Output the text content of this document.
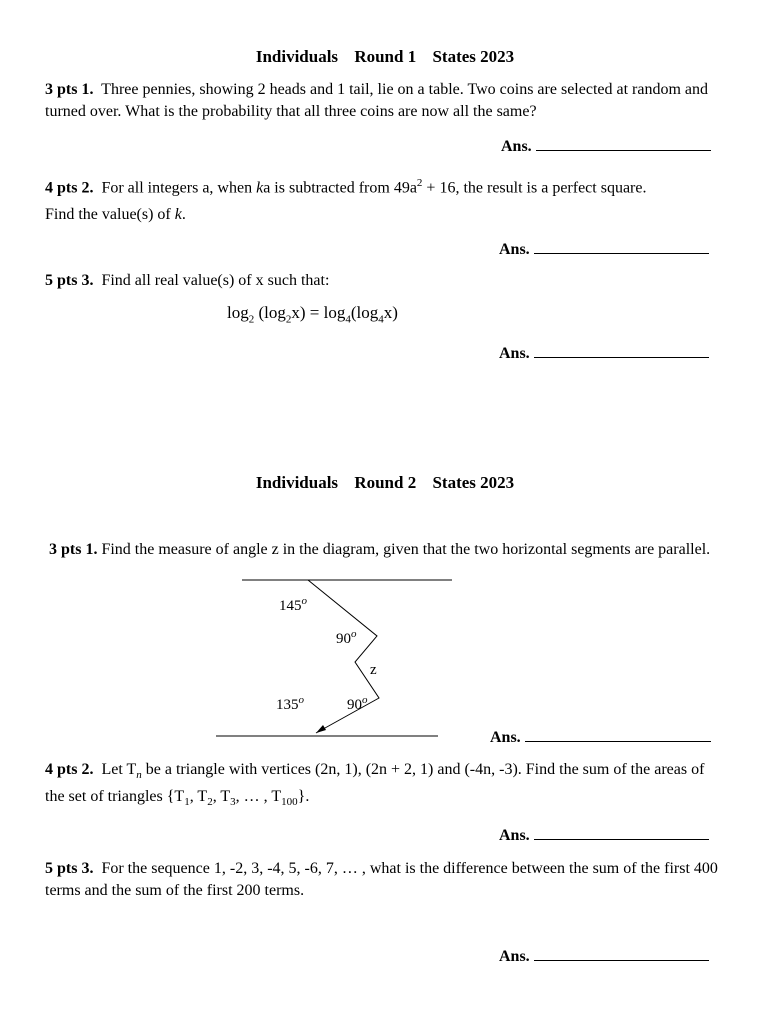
Individuals Round 1 States 2023
3 pts 1. Three pennies, showing 2 heads and 1 tail, lie on a table. Two coins are selected at random and turned over. What is the probability that all three coins are now all the same?
Ans.
4 pts 2. For all integers a, when ka is subtracted from $49a^2 + 16$, the result is a perfect square.
Find the value(s) of k.
Ans.
5 pts 3. Find all real value(s) of x such that:
$\log_2 (\log_2x) = \log_4(\log_4x)$
Ans.
Individuals Round 2 States 2023
3 pts 1. Find the measure of angle z in the diagram, given that the two horizontal segments are parallel.
145$^o$
90$^o$
z
135$^o$	90$^o$
Ans.
4 pts 2. Let $T_n$ be a triangle with vertices (2n, 1), (2n + 2, 1) and (-4n, -3). Find the sum of the areas of the set of triangles {$T_1$, $T_2$, $T_3$, … , $T_{100}$}.
Ans.
5 pts 3. For the sequence 1, -2, 3, -4, 5, -6, 7, … , what is the difference between the sum of the first 400 terms and the sum of the first 200 terms.
Ans.
